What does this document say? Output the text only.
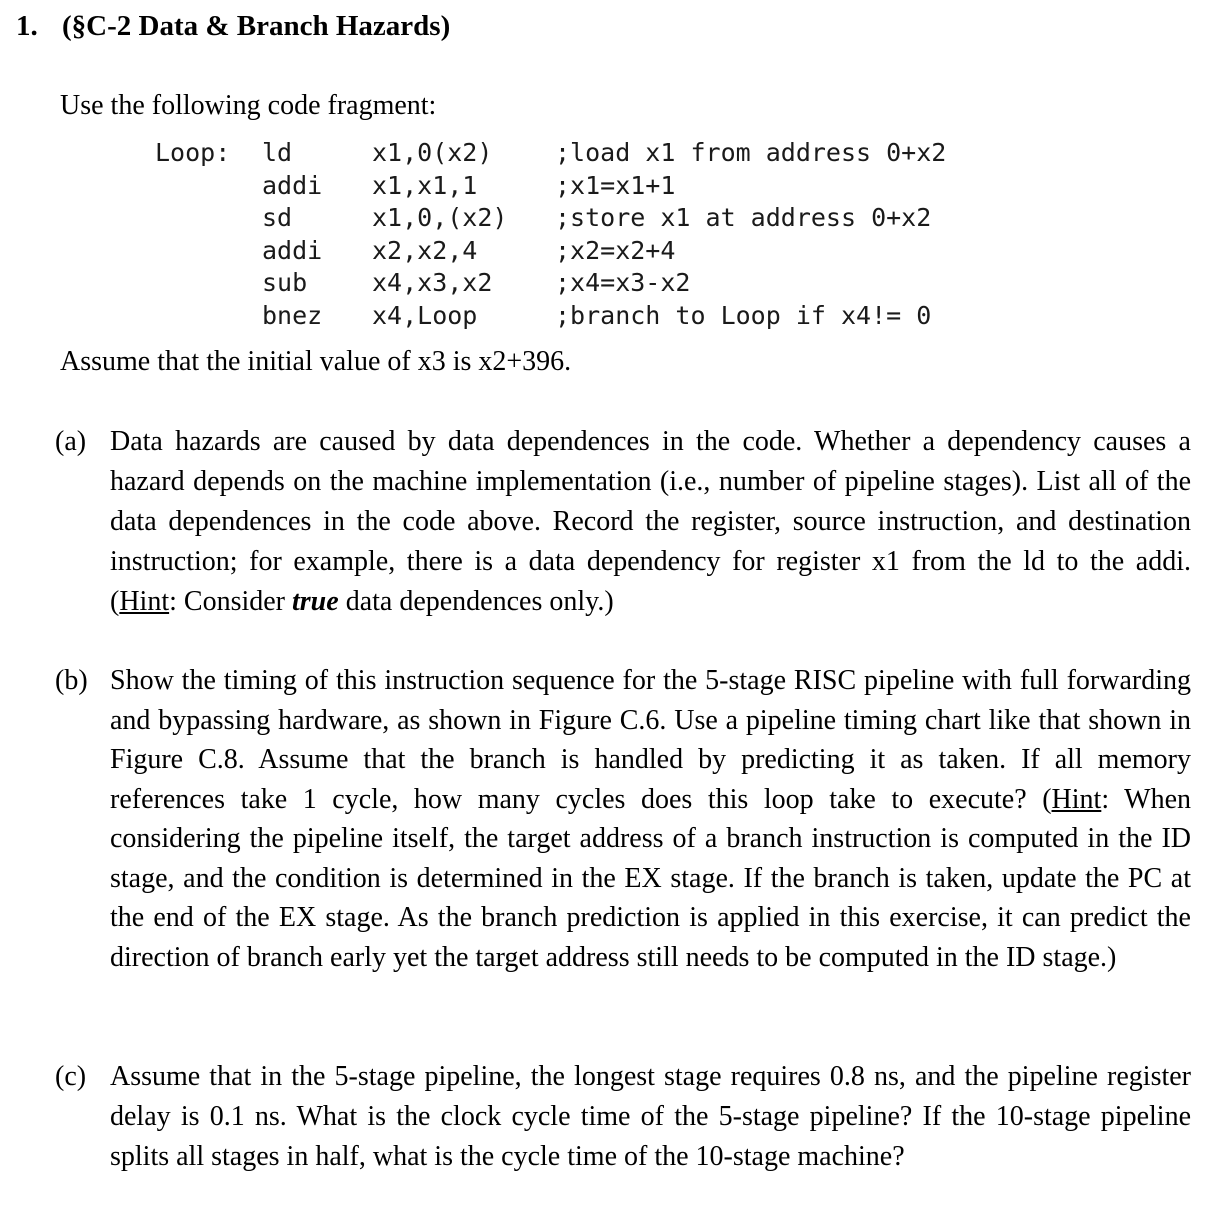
1. (§C-2 Data & Branch Hazards)
Use the following code fragment:
Loop: ld	x1,0(x2)	;load x1 from address 0+x2
addi x1,x1,1	;x1=x1+1
sd	x1,0,(x2) ;store x1 at address 0+x2
addi x2,x2,4	;x2=x2+4
sub	x4,x3,x2	;x4=x3-x2
bnez x4,Loop	;branch to Loop if x4!= 0
Assume that the initial value of x3 is x2+396.
(a) Data hazards are caused by data dependences in the code. Whether a dependency causes a hazard depends on the machine implementation (i.e., number of pipeline stages). List all of the data dependences in the code above. Record the register, source instruction, and destination instruction; for example, there is a data dependency for register x1 from the ld to the addi. (Hint: Consider true data dependences only.)
(b) Show the timing of this instruction sequence for the 5-stage RISC pipeline with full forwarding and bypassing hardware, as shown in Figure C.6. Use a pipeline timing chart like that shown in Figure C.8. Assume that the branch is handled by predicting it as taken. If all memory references take 1 cycle, how many cycles does this loop take to execute? (Hint: When considering the pipeline itself, the target address of a branch instruction is computed in the ID stage, and the condition is determined in the EX stage. If the branch is taken, update the PC at the end of the EX stage. As the branch prediction is applied in this exercise, it can predict the direction of branch early yet the target address still needs to be computed in the ID stage.)
(c) Assume that in the 5-stage pipeline, the longest stage requires 0.8 ns, and the pipeline register delay is 0.1 ns. What is the clock cycle time of the 5-stage pipeline? If the 10-stage pipeline splits all stages in half, what is the cycle time of the 10-stage machine?
